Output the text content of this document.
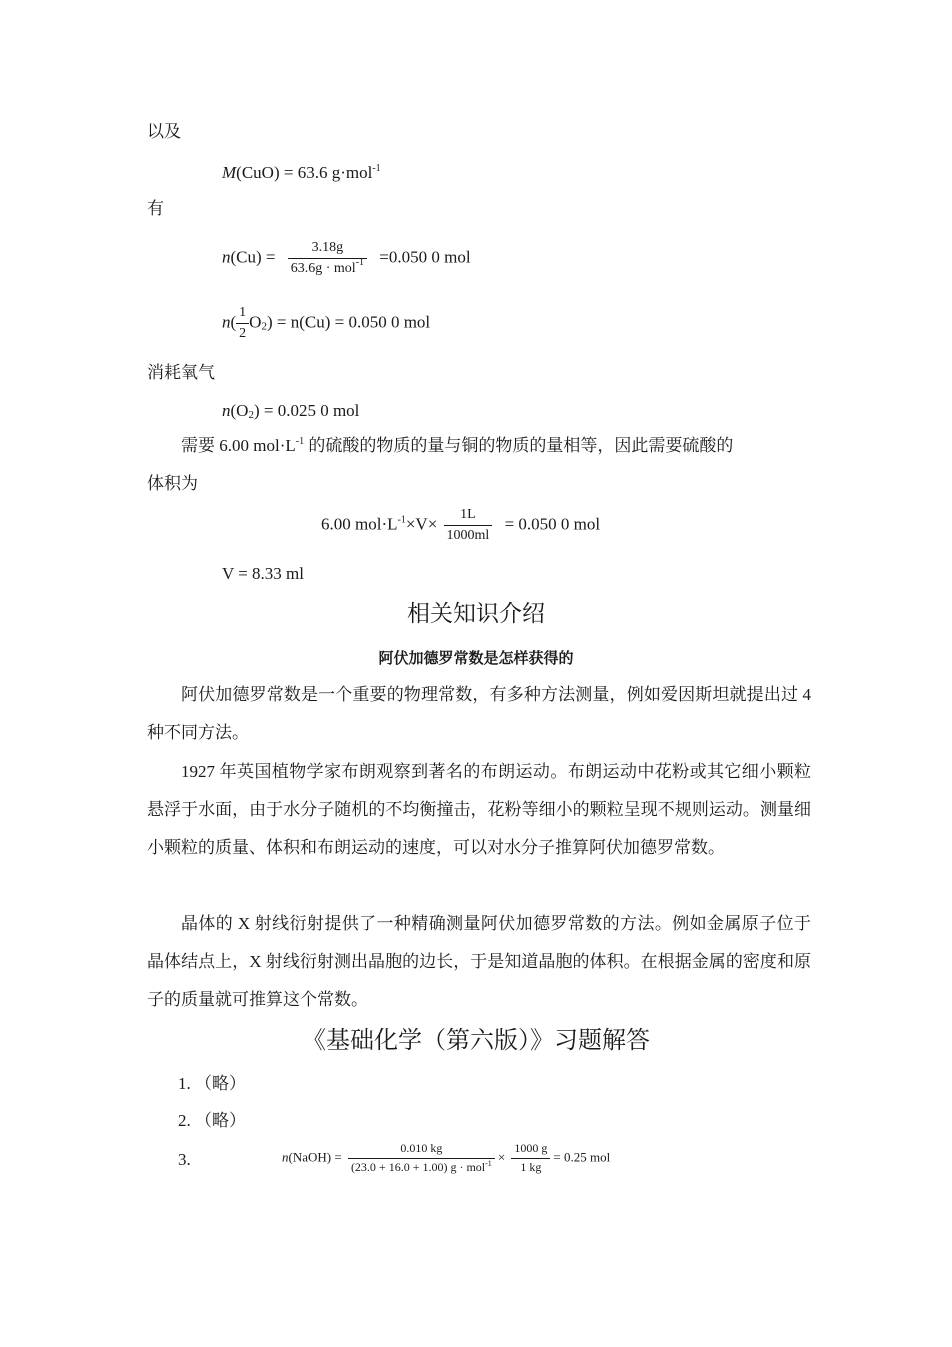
以及
M(CuO) = 63.6 g·mol$^{-1}$
有
$n(Cu) = \frac{3.18g}{63.6g \cdot mol^{-1}} =0.050$ 0 mol
$n( \frac{1}{2} O_2) = n(Cu) = 0.050$ 0 mol
消耗氧气
$n(O_2) = 0.025$ 0 mol
需要 6.00 $mol\cdot L^{-1}$ 的硫酸的物质的量与铜的物质的量相等，因此需要硫酸的
体积为
6.00 $mol\cdot L^{-1}\times V\times \frac{1L}{1000ml} = 0.050$ 0 mol
V = 8.33 ml
相关知识介绍
阿伏加德罗常数是怎样获得的
阿伏加德罗常数是一个重要的物理常数，有多种方法测量，例如爱因斯坦就提出过 4 种不同方法。
1927 年英国植物学家布朗观察到著名的布朗运动。布朗运动中花粉或其它细小颗粒悬浮于水面，由于水分子随机的不均衡撞击，花粉等细小的颗粒呈现不规则运动。测量细小颗粒的质量、体积和布朗运动的速度，可以对水分子推算阿伏加德罗常数。
晶体的 X 射线衍射提供了一种精确测量阿伏加德罗常数的方法。例如金属原子位于晶体结点上，X 射线衍射测出晶胞的边长，于是知道晶胞的体积。在根据金属的密度和原子的质量就可推算这个常数。
《基础化学（第六版）》习题解答
1. （略）
2. （略）
3.	n(NaOH) = $\frac{0.010 kg}{(23.0 + 16.0 + 1.00) g \cdot mol^{-1}} \times \frac{1000 g}{1 kg} = 0.25$ mol
